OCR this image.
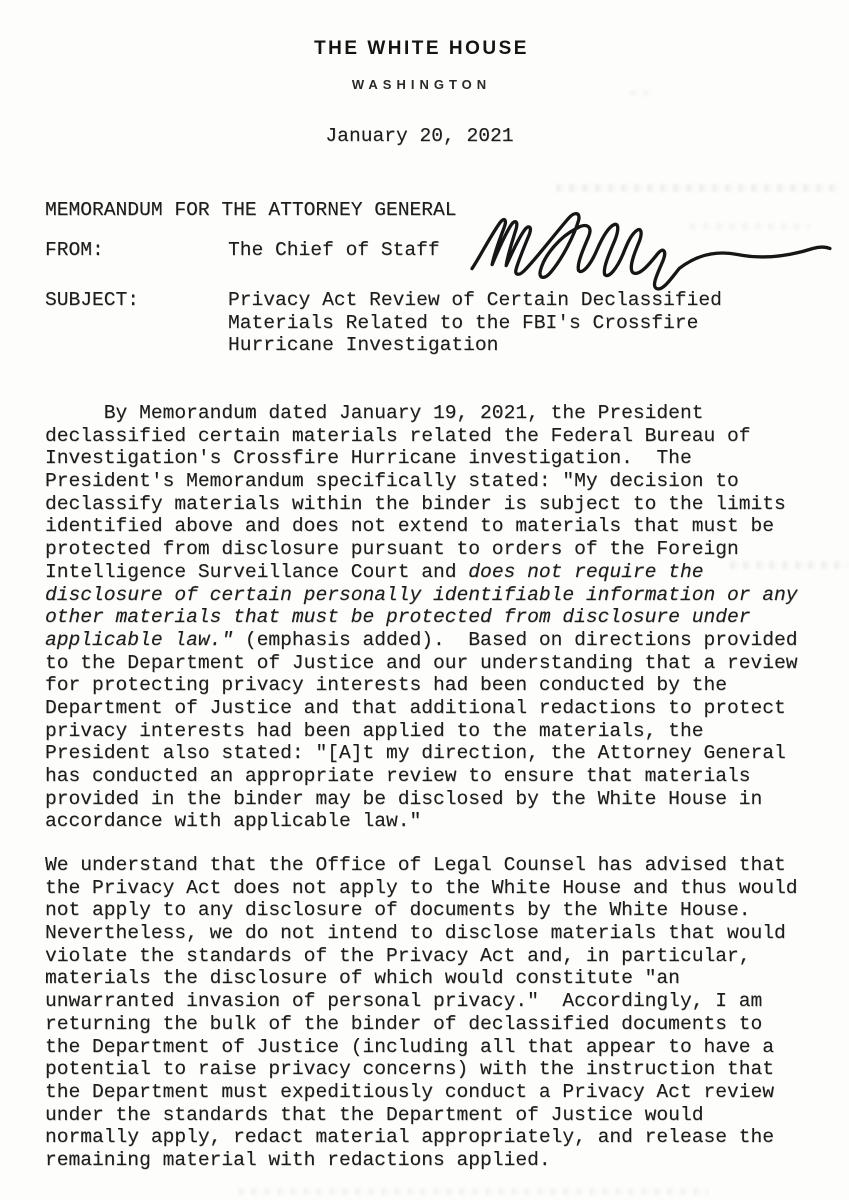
THE WHITE HOUSE
WASHINGTON
January 20, 2021
MEMORANDUM FOR THE ATTORNEY GENERAL
FROM:	The Chief of Staff
SUBJECT:	Privacy Act Review of Certain Declassified
Materials Related to the FBI's Crossfire
Hurricane Investigation
By Memorandum dated January 19, 2021, the President
declassified certain materials related the Federal Bureau of
Investigation's Crossfire Hurricane investigation.  The
President's Memorandum specifically stated: "My decision to
declassify materials within the binder is subject to the limits
identified above and does not extend to materials that must be
protected from disclosure pursuant to orders of the Foreign
Intelligence Surveillance Court and does not require the
disclosure of certain personally identifiable information or any
other materials that must be protected from disclosure under
applicable law." (emphasis added).  Based on directions provided
to the Department of Justice and our understanding that a review
for protecting privacy interests had been conducted by the
Department of Justice and that additional redactions to protect
privacy interests had been applied to the materials, the
President also stated: "[A]t my direction, the Attorney General
has conducted an appropriate review to ensure that materials
provided in the binder may be disclosed by the White House in
accordance with applicable law."
We understand that the Office of Legal Counsel has advised that
the Privacy Act does not apply to the White House and thus would
not apply to any disclosure of documents by the White House.
Nevertheless, we do not intend to disclose materials that would
violate the standards of the Privacy Act and, in particular,
materials the disclosure of which would constitute "an
unwarranted invasion of personal privacy."  Accordingly, I am
returning the bulk of the binder of declassified documents to
the Department of Justice (including all that appear to have a
potential to raise privacy concerns) with the instruction that
the Department must expeditiously conduct a Privacy Act review
under the standards that the Department of Justice would
normally apply, redact material appropriately, and release the
remaining material with redactions applied.
